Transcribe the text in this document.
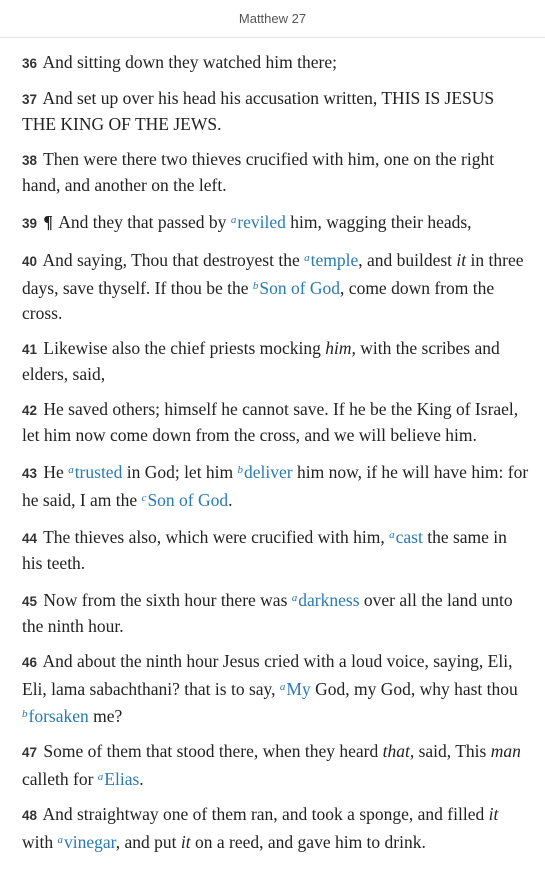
Matthew 27

36 And sitting down they watched him there;

37 And set up over his head his accusation written, THIS IS JESUS THE KING OF THE JEWS.

38 Then were there two thieves crucified with him, one on the right hand, and another on the left.

39 ¶ And they that passed by $^a$reviled him, wagging their heads,

40 And saying, Thou that destroyest the $^a$temple, and buildest it in three days, save thyself. If thou be the $^b$Son of God, come down from the cross.

41 Likewise also the chief priests mocking him, with the scribes and elders, said,

42 He saved others; himself he cannot save. If he be the King of Israel, let him now come down from the cross, and we will believe him.

43 He $^a$trusted in God; let him $^b$deliver him now, if he will have him: for he said, I am the $^c$Son of God.

44 The thieves also, which were crucified with him, $^a$cast the same in his teeth.

45 Now from the sixth hour there was $^a$darkness over all the land unto the ninth hour.

46 And about the ninth hour Jesus cried with a loud voice, saying, Eli, Eli, lama sabachthani? that is to say, $^a$My God, my God, why hast thou $^b$forsaken me?

47 Some of them that stood there, when they heard that, said, This man calleth for $^a$Elias.

48 And straightway one of them ran, and took a sponge, and filled it with $^a$vinegar, and put it on a reed, and gave him to drink.
